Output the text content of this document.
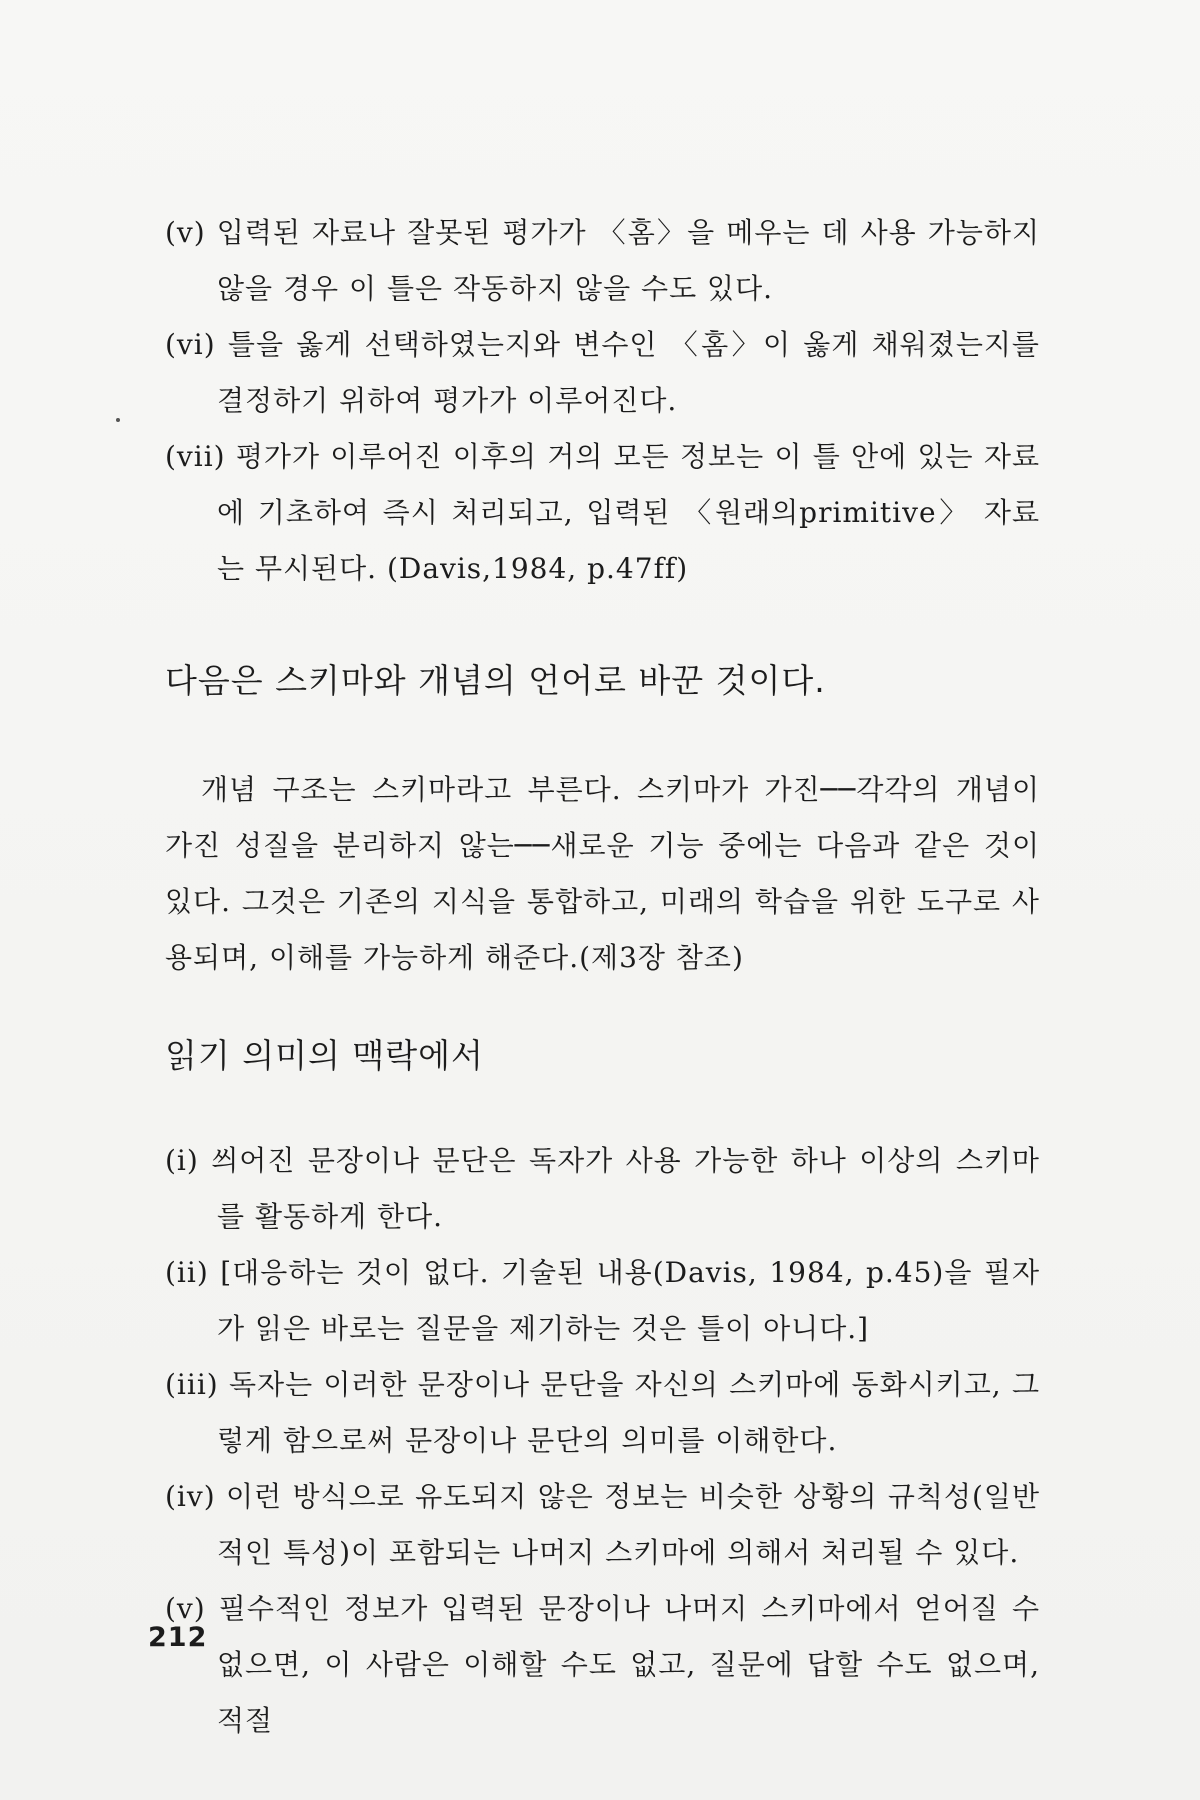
(v) 입력된 자료나 잘못된 평가가 〈홈〉을 메우는 데 사용 가능하지 않을 경우 이 틀은 작동하지 않을 수도 있다.

(vi) 틀을 옳게 선택하였는지와 변수인 〈홈〉이 옳게 채워졌는지를 결정하기 위하여 평가가 이루어진다.

(vii) 평가가 이루어진 이후의 거의 모든 정보는 이 틀 안에 있는 자료에 기초하여 즉시 처리되고, 입력된 〈원래의primitive〉 자료는 무시된다. (Davis,1984, p.47ff)

다음은 스키마와 개념의 언어로 바꾼 것이다.

개념 구조는 스키마라고 부른다. 스키마가 가진──각각의 개념이 가진 성질을 분리하지 않는──새로운 기능 중에는 다음과 같은 것이 있다. 그것은 기존의 지식을 통합하고, 미래의 학습을 위한 도구로 사용되며, 이해를 가능하게 해준다.(제3장 참조)

읽기 의미의 맥락에서

(i) 씌어진 문장이나 문단은 독자가 사용 가능한 하나 이상의 스키마를 활동하게 한다.

(ii) [대응하는 것이 없다. 기술된 내용(Davis, 1984, p.45)을 필자가 읽은 바로는 질문을 제기하는 것은 틀이 아니다.]

(iii) 독자는 이러한 문장이나 문단을 자신의 스키마에 동화시키고, 그렇게 함으로써 문장이나 문단의 의미를 이해한다.

(iv) 이런 방식으로 유도되지 않은 정보는 비슷한 상황의 규칙성(일반적인 특성)이 포함되는 나머지 스키마에 의해서 처리될 수 있다.

(v) 필수적인 정보가 입력된 문장이나 나머지 스키마에서 얻어질 수 없으면, 이 사람은 이해할 수도 없고, 질문에 답할 수도 없으며, 적절

212
